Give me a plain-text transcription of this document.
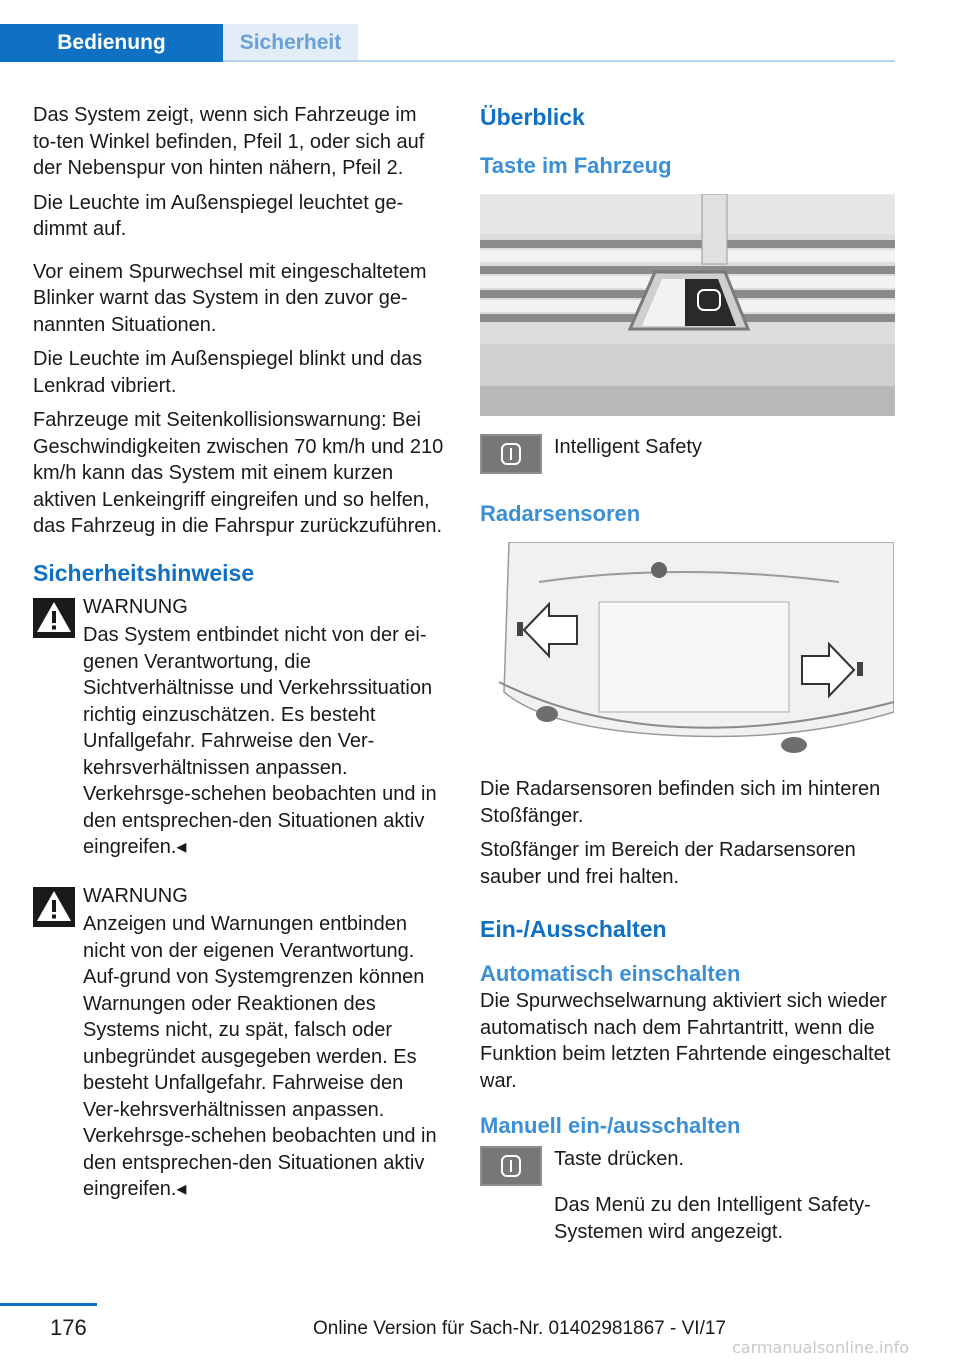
Bedienung	Sicherheit

Das System zeigt, wenn sich Fahrzeuge im to-ten Winkel befinden, Pfeil 1, oder sich auf der Nebenspur von hinten nähern, Pfeil 2.

Die Leuchte im Außenspiegel leuchtet ge-dimmt auf.

Vor einem Spurwechsel mit eingeschaltetem Blinker warnt das System in den zuvor ge-nannten Situationen.

Die Leuchte im Außenspiegel blinkt und das Lenkrad vibriert.

Fahrzeuge mit Seitenkollisionswarnung: Bei Geschwindigkeiten zwischen 70 km/h und 210 km/h kann das System mit einem kurzen aktiven Lenkeingriff eingreifen und so helfen, das Fahrzeug in die Fahrspur zurückzuführen.

Sicherheitshinweise
WARNUNG
Das System entbindet nicht von der ei-genen Verantwortung, die Sichtverhältnisse und Verkehrssituation richtig einzuschätzen. Es besteht Unfallgefahr. Fahrweise den Ver-kehrsverhältnissen anpassen. Verkehrsge-schehen beobachten und in den entsprechen-den Situationen aktiv eingreifen.◂
WARNUNG
Anzeigen und Warnungen entbinden nicht von der eigenen Verantwortung. Auf-grund von Systemgrenzen können Warnungen oder Reaktionen des Systems nicht, zu spät, falsch oder unbegründet ausgegeben werden. Es besteht Unfallgefahr. Fahrweise den Ver-kehrsverhältnissen anpassen. Verkehrsge-schehen beobachten und in den entsprechen-den Situationen aktiv eingreifen.◂
Überblick
Taste im Fahrzeug
Intelligent Safety
Radarsensoren

Die Radarsensoren befinden sich im hinteren Stoßfänger.

Stoßfänger im Bereich der Radarsensoren sauber und frei halten.

Ein-/Ausschalten
Automatisch einschalten

Die Spurwechselwarnung aktiviert sich wieder automatisch nach dem Fahrtantritt, wenn die Funktion beim letzten Fahrtende eingeschaltet war.

Manuell ein-/ausschalten
Taste drücken.
Das Menü zu den Intelligent Safety-Systemen wird angezeigt.
176	Online Version für Sach-Nr. 01402981867 - VI/17
carmanualsonline.info
